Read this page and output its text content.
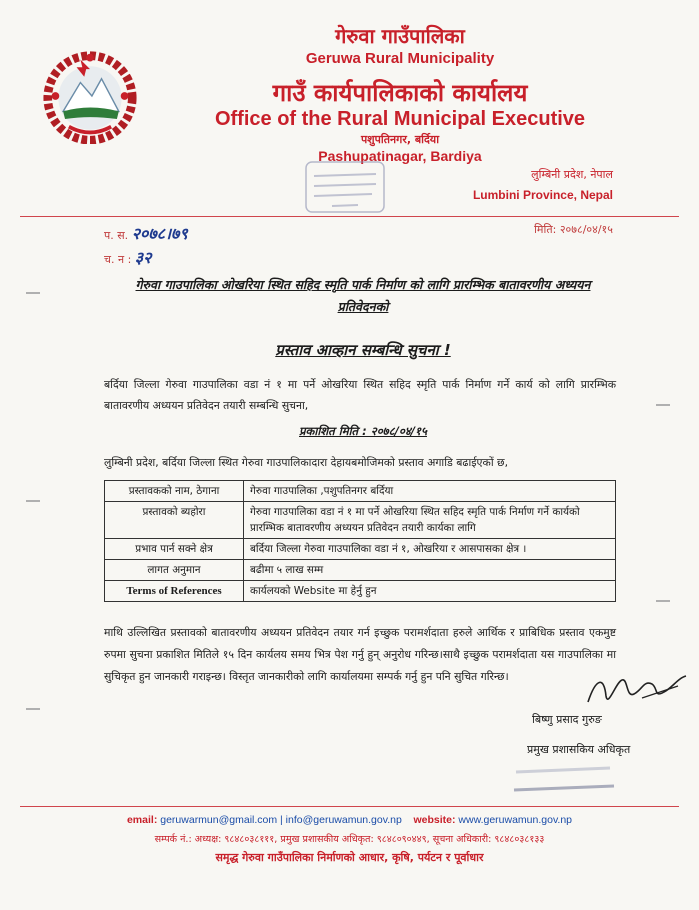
गेरुवा गाउँपालिका
Geruwa Rural Municipality
गाउँ कार्यपालिकाको कार्यालय
Office of the Rural Municipal Executive
पशुपतिनगर, बर्दिया
Pashupatinagar, Bardiya
लुम्बिनी प्रदेश, नेपाल
Lumbini Province, Nepal
प. स. २०७८।७९
च. न : ३२
मिति: २०७८/०४/१५
गेरुवा गाउपालिका ओखरिया स्थित सहिद स्मृति पार्क निर्माण को लागि प्रारम्भिक बातावरणीय अध्ययन प्रतिवेदनको
प्रस्ताव आव्हान सम्बन्धि सुचना !
बर्दिया जिल्ला गेरुवा गाउपालिका वडा नं १ मा पर्ने ओखरिया स्थित सहिद स्मृति पार्क निर्माण गर्ने कार्य को लागि प्रारम्भिक बातावरणीय अध्ययन प्रतिवेदन तयारी सम्बन्धि सुचना,
प्रकाशित मिति : २०७८/०४/१५
लुम्बिनी प्रदेश, बर्दिया जिल्ला स्थित गेरुवा गाउपालिकादारा देहायबमोजिमको प्रस्ताव अगाडि बढाईएकों छ,
प्रस्तावकको नाम, ठेगाना	गेरुवा गाउपालिका ,पशुपतिनगर बर्दिया
प्रस्तावको ब्यहोरा	गेरुवा गाउपालिका वडा नं १ मा पर्ने ओखरिया स्थित सहिद स्मृति पार्क निर्माण गर्ने कार्यको प्रारम्भिक बातावरणीय अध्ययन प्रतिवेदन तयारी कार्यका लागि
प्रभाव पार्न सक्ने क्षेत्र	बर्दिया जिल्ला गेरुवा गाउपालिका वडा नं १, ओखरिया र आसपासका क्षेत्र ।
लागत अनुमान	बढीमा ५ लाख सम्म
Terms of References	कार्यलयको Website मा हेर्नु हुन
माथि उल्लिखित प्रस्तावको बातावरणीय अध्ययन प्रतिवेदन तयार गर्न इच्छुक परामर्शदाता हरुले आर्थिक र प्राबिधिक प्रस्ताव एकमुष्ट रुपमा सुचना प्रकाशित मितिले १५ दिन कार्यलय समय भित्र पेश गर्नु हुन् अनुरोध गरिन्छ।साथै इच्छुक परामर्शदाता यस गाउपालिका मा सुचिकृत हुन जानकारी गराइन्छ। विस्तृत जानकारीको लागि कार्यालयमा सम्पर्क गर्नु हुन पनि सुचित गरिन्छ।
बिष्णु प्रसाद गुरुङ
प्रमुख प्रशासकिय अधिकृत
email: geruwarmun@gmail.com | info@geruwamun.gov.np website: www.geruwamun.gov.np
सम्पर्क नं.: अध्यक्ष: ९८४८०३८१११, प्रमुख प्रशासकीय अधिकृत: ९८४८०९०४४९, सूचना अधिकारी: ९८४८०३८१३३
समृद्ध गेरुवा गाउँपालिका निर्माणको आधार, कृषि, पर्यटन र पूर्वाधार
